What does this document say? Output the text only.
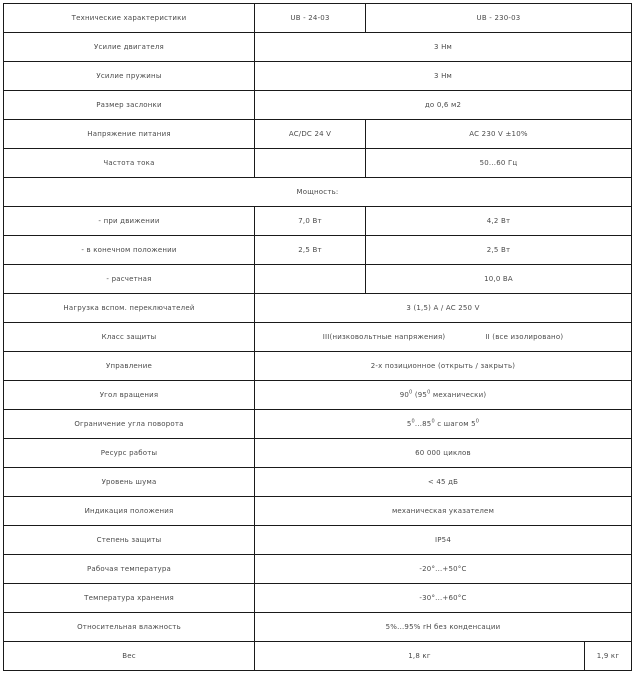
Технические характеристики	UB - 24-03	UB - 230-03	
Усилие двигателя	3 Нм		
Усилие пружины	3 Нм		
Размер заслонки	до 0,6 м2		
Напряжение питания	AC/DC 24 V	AC 230 V ±10%	
Частота тока		50...60 Гц	
Мощность:			
- при движении	7,0 Вт	4,2 Вт	
- в конечном положении	2,5 Вт	2,5 Вт	
- расчетная		10,0 ВА	
Нагрузка вспом. переключателей	3 (1,5) A / AC 250 V		
Класс защиты	III(низковольтные напряжения) II (все изолировано)		
Управление	2-х позиционное (открыть / закрыть)		
Угол вращения	$90^0$ ($95^0$ механически)		
Ограничение угла поворота	$5^0...85^0$ с шагом $5^0$
Ресурс работы	60 000 циклов		
Уровень шума	< 45 дБ		
Индикация положения	механическая указателем		
Степень защиты	IP54		
Рабочая температура	-20°...+50°С		
Температура хранения	-30°...+60°С		
Относительная влажность	5%...95% rH без конденсации		
Вес	1,8 кг		1,9 кг
